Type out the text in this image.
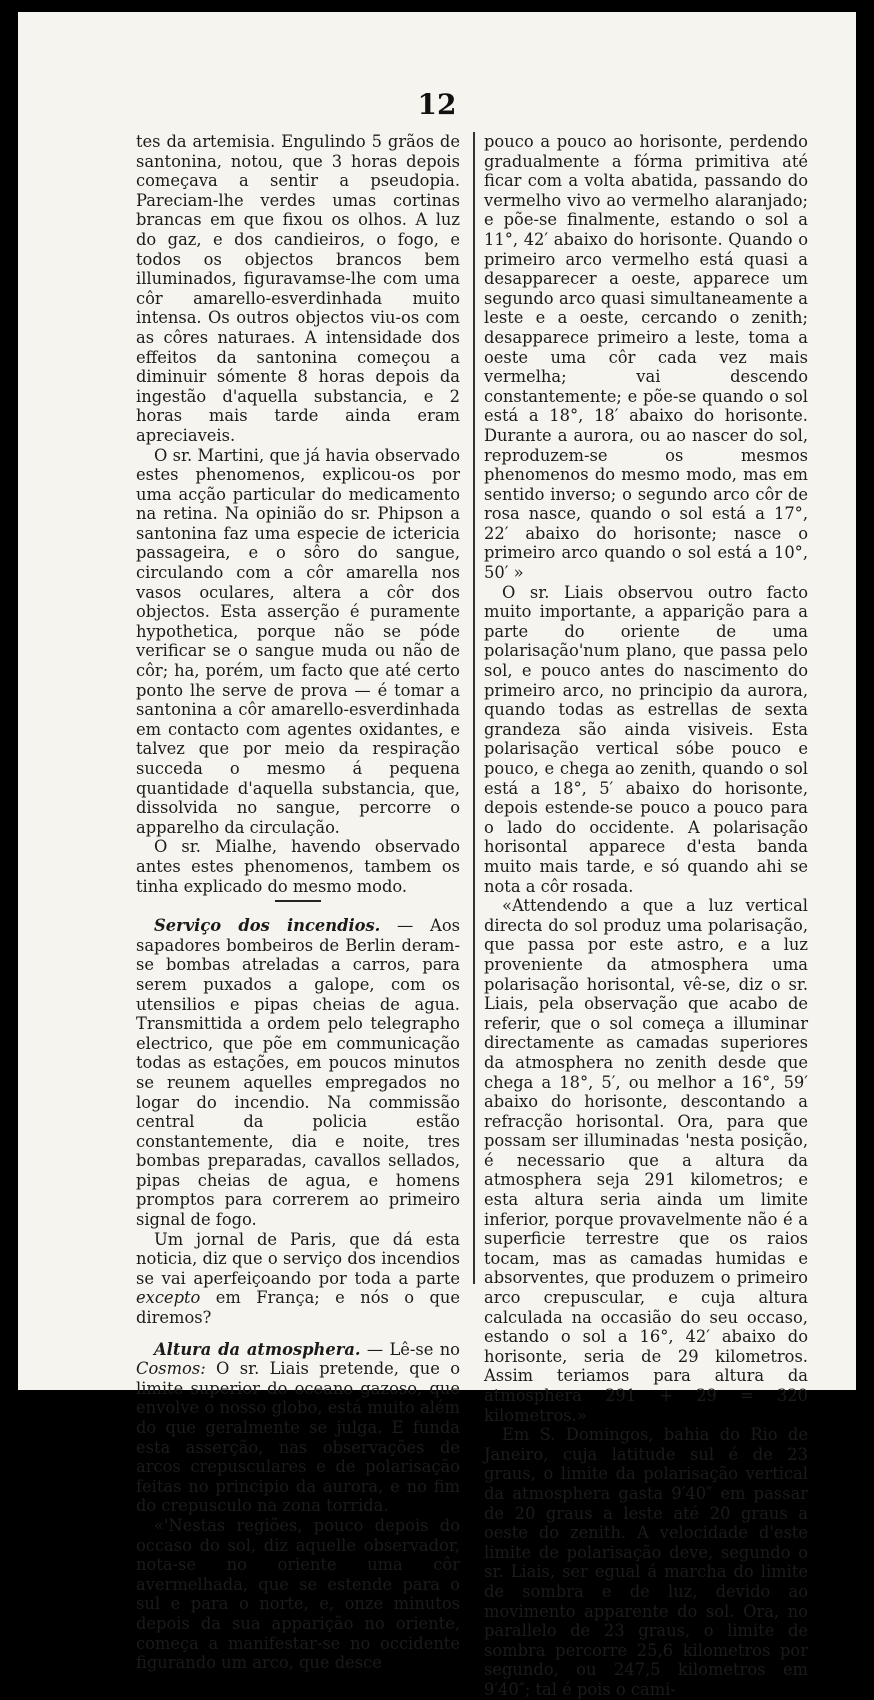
12

tes da artemisia. Engulindo 5 grãos de santonina, notou, que 3 horas depois começava a sentir a pseudopia. Pareciam-lhe verdes umas cortinas brancas em que fixou os olhos. A luz do gaz, e dos candieiros, o fogo, e todos os objectos brancos bem illuminados, figuravamse-lhe com uma côr amarello-esverdinhada muito intensa. Os outros objectos viu-os com as côres naturaes. A intensidade dos effeitos da santonina começou a diminuir sómente 8 horas depois da ingestão d'aquella substancia, e 2 horas mais tarde ainda eram apreciaveis.

O sr. Martini, que já havia observado estes phenomenos, explicou-os por uma acção particular do medicamento na retina. Na opinião do sr. Phipson a santonina faz uma especie de ictericia passageira, e o sôro do sangue, circulando com a côr amarella nos vasos oculares, altera a côr dos objectos. Esta asserção é puramente hypothetica, porque não se póde verificar se o sangue muda ou não de côr; ha, porém, um facto que até certo ponto lhe serve de prova — é tomar a santonina a côr amarello-esverdinhada em contacto com agentes oxidantes, e talvez que por meio da respiração succeda o mesmo á pequena quantidade d'aquella substancia, que, dissolvida no sangue, percorre o apparelho da circulação.

O sr. Mialhe, havendo observado antes estes phenomenos, tambem os tinha explicado do mesmo modo.

Serviço dos incendios. — Aos sapadores bombeiros de Berlin deram-se bombas atreladas a carros, para serem puxados a galope, com os utensilios e pipas cheias de agua. Transmittida a ordem pelo telegrapho electrico, que põe em communicação todas as estações, em poucos minutos se reunem aquelles empregados no logar do incendio. Na commissão central da policia estão constantemente, dia e noite, tres bombas preparadas, cavallos sellados, pipas cheias de agua, e homens promptos para correrem ao primeiro signal de fogo.

Um jornal de Paris, que dá esta noticia, diz que o serviço dos incendios se vai aperfeiçoando por toda a parte excepto em França; e nós o que diremos?

Altura da atmosphera. — Lê-se no Cosmos: O sr. Liais pretende, que o limite superior do oceano gazoso, que envolve o nosso globo, está muito além do que geralmente se julga. E funda esta asserção, nas observações de arcos crepusculares e de polarisação feitas no principio da aurora, e no fim do crepusculo na zona torrida.

«'Nestas regiões, pouco depois do occaso do sol, diz aquelle observador, nota-se no oriente uma côr avermelhada, que se estende para o sul e para o norte, e, onze minutos depois da sua apparição no oriente, começa a manifestar-se no occidente figurando um arco, que desce

pouco a pouco ao horisonte, perdendo gradualmente a fórma primitiva até ficar com a volta abatida, passando do vermelho vivo ao vermelho alaranjado; e põe-se finalmente, estando o sol a 11°, 42′ abaixo do horisonte. Quando o primeiro arco vermelho está quasi a desapparecer a oeste, apparece um segundo arco quasi simultaneamente a leste e a oeste, cercando o zenith; desapparece primeiro a leste, toma a oeste uma côr cada vez mais vermelha; vai descendo constantemente; e põe-se quando o sol está a 18°, 18′ abaixo do horisonte. Durante a aurora, ou ao nascer do sol, reproduzem-se os mesmos phenomenos do mesmo modo, mas em sentido inverso; o segundo arco côr de rosa nasce, quando o sol está a 17°, 22′ abaixo do horisonte; nasce o primeiro arco quando o sol está a 10°, 50′ »

O sr. Liais observou outro facto muito importante, a apparição para a parte do oriente de uma polarisação'num plano, que passa pelo sol, e pouco antes do nascimento do primeiro arco, no principio da aurora, quando todas as estrellas de sexta grandeza são ainda visiveis. Esta polarisação vertical sóbe pouco e pouco, e chega ao zenith, quando o sol está a 18°, 5′ abaixo do horisonte, depois estende-se pouco a pouco para o lado do occidente. A polarisação horisontal apparece d'esta banda muito mais tarde, e só quando ahi se nota a côr rosada.

«Attendendo a que a luz vertical directa do sol produz uma polarisação, que passa por este astro, e a luz proveniente da atmosphera uma polarisação horisontal, vê-se, diz o sr. Liais, pela observação que acabo de referir, que o sol começa a illuminar directamente as camadas superiores da atmosphera no zenith desde que chega a 18°, 5′, ou melhor a 16°, 59′ abaixo do horisonte, descontando a refracção horisontal. Ora, para que possam ser illuminadas 'nesta posição, é necessario que a altura da atmosphera seja 291 kilometros; e esta altura seria ainda um limite inferior, porque provavelmente não é a superficie terrestre que os raios tocam, mas as camadas humidas e absorventes, que produzem o primeiro arco crepuscular, e cuja altura calculada na occasião do seu occaso, estando o sol a 16°, 42′ abaixo do horisonte, seria de 29 kilometros. Assim teriamos para altura da atmosphera 291 + 29 = 320 kilometros.»

Em S. Domingos, bahia do Rio de Janeiro, cuja latitude sul é de 23 graus, o limite da polarisação vertical da atmosphera gasta 9′40″ em passar de 20 graus a leste até 20 graus a oeste do zenith. A velocidade d'este limite de polarisação deve, segundo o sr. Liais, ser egual á marcha do limite de sombra e de luz, devido ao movimento apparente do sol. Ora, no parallelo de 23 graus, o limite de sombra percorre 25,6 kilometros por segundo, ou 247,5 kilometros em 9′40″; tal é pois o cami-
